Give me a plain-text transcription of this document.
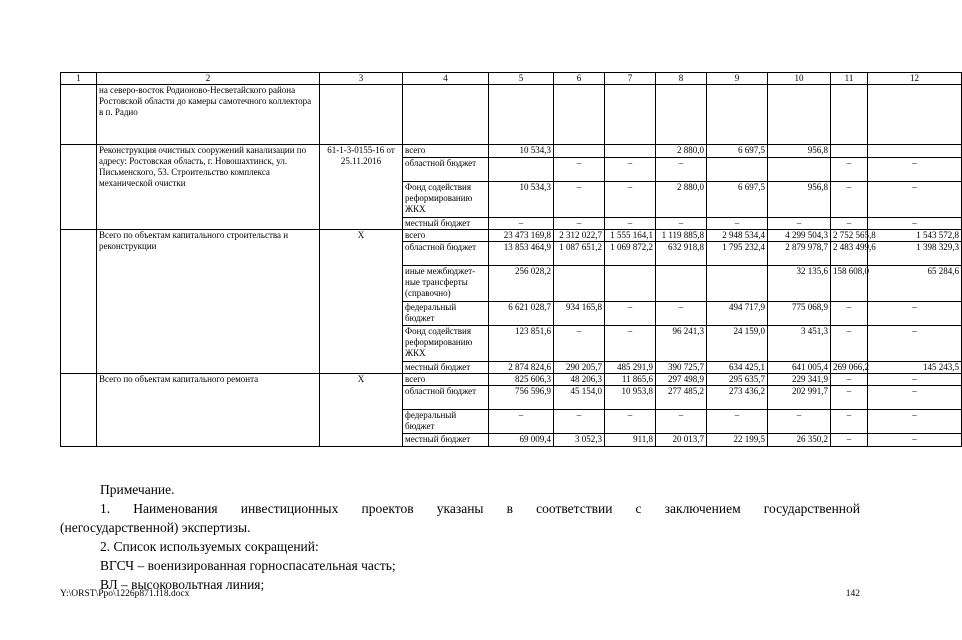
1	2	3	4	5	6	7	8	9	10	11	12
	на северо-восток Родионово-Несветайского района Ростовской области до камеры самотечного коллектора в п. Радио										
	Реконструкция очистных сооружений канализации по адресу: Ростовская область, г. Новошахтинск, ул. Письменского, 53. Строительство комплекса механической очистки	61-1-3-0155-16 от 25.11.2016	всего	10 534,3			2 880,0	6 697,5	956,8		
			областной бюджет		–	–	–			–	–
			Фонд содействия реформированию ЖКХ	10 534,3	–	–	2 880,0	6 697,5	956,8	–	–
			местный бюджет	–	–	–	–	–	–	–	–
	Всего по объектам капитального строительства и реконструкции	Х	всего	23 473 169,8	2 312 022,7	1 555 164,1	1 119 885,8	2 948 534,4	4 299 504,3	2 752 565,8	1 543 572,8
			областной бюджет	13 853 464,9	1 087 651,2	1 069 872,2	632 918,8	1 795 232,4	2 879 978,7	2 483 499,6	1 398 329,3
			иные межбюджет-ные трансферты (справочно)	256 028,2					32 135,6	158 608,0	65 284,6
			федеральный бюджет	6 621 028,7	934 165,8	–	–	494 717,9	775 068,9	–	–
			Фонд содействия реформированию ЖКХ	123 851,6	–	–	96 241,3	24 159,0	3 451,3	–	–
			местный бюджет	2 874 824,6	290 205,7	485 291,9	390 725,7	634 425,1	641 005,4	269 066,2	145 243,5
	Всего по объектам капитального ремонта	Х	всего	825 606,3	48 206,3	11 865,6	297 498,9	295 635,7	229 341,9	–	–
			областной бюджет	756 596,9	45 154,0	10 953,8	277 485,2	273 436,2	202 991,7	–	–
			федеральный бюджет	–	–	–	–	–	–	–	–
			местный бюджет	69 009,4	3 052,3	911,8	20 013,7	22 199,5	26 350,2	–	–

Примечание.

1. Наименования инвестиционных проектов указаны в соответствии с заключением государственной

(негосударственной) экспертизы.

2. Список используемых сокращений:

ВГСЧ – военизированная горноспасательная часть;

ВЛ – высоковольтная линия;

Y:\ORST\Ppo\1226p871.f18.docx	142
